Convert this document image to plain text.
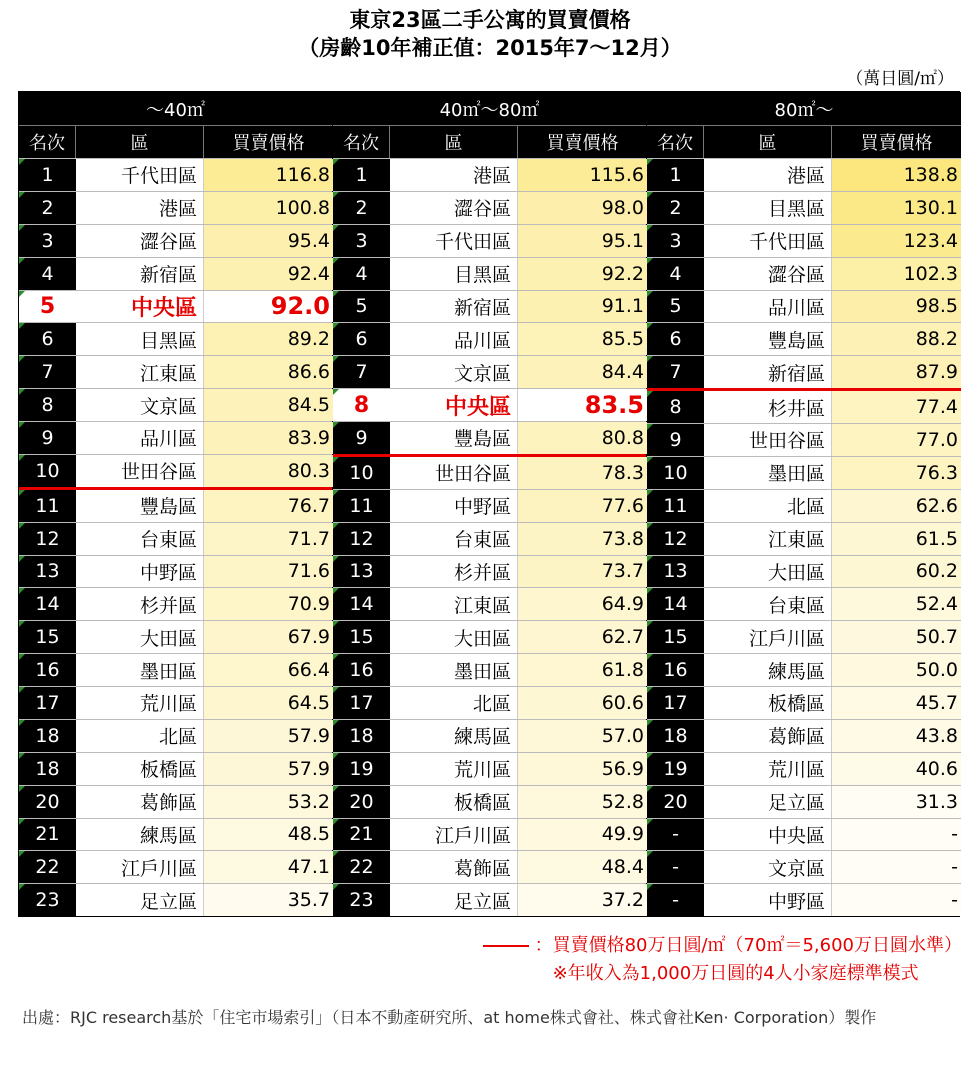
東京23區二手公寓的買賣價格
（房齡10年補正值：2015年7～12月）
（萬日圓/㎡）
～40㎡
名次	區	買賣價格
1	千代田區	116.8
2	港區	100.8
3	澀谷區	95.4
4	新宿區	92.4
5	中央區	92.0
6	目黑區	89.2
7	江東區	86.6
8	文京區	84.5
9	品川區	83.9
10	世田谷區	80.3
11	豐島區	76.7
12	台東區	71.7
13	中野區	71.6
14	杉并區	70.9
15	大田區	67.9
16	墨田區	66.4
17	荒川區	64.5
18	北區	57.9
18	板橋區	57.9
20	葛飾區	53.2
21	練馬區	48.5
22	江戶川區	47.1
23	足立區	35.7
40㎡～80㎡
名次	區	買賣價格
1	港區	115.6
2	澀谷區	98.0
3	千代田區	95.1
4	目黑區	92.2
5	新宿區	91.1
6	品川區	85.5
7	文京區	84.4
8	中央區	83.5
9	豐島區	80.8
10	世田谷區	78.3
11	中野區	77.6
12	台東區	73.8
13	杉并區	73.7
14	江東區	64.9
15	大田區	62.7
16	墨田區	61.8
17	北區	60.6
18	練馬區	57.0
19	荒川區	56.9
20	板橋區	52.8
21	江戶川區	49.9
22	葛飾區	48.4
23	足立區	37.2
80㎡～
名次	區	買賣價格
1	港區	138.8
2	目黑區	130.1
3	千代田區	123.4
4	澀谷區	102.3
5	品川區	98.5
6	豐島區	88.2
7	新宿區	87.9
8	杉井區	77.4
9	世田谷區	77.0
10	墨田區	76.3
11	北區	62.6
12	江東區	61.5
13	大田區	60.2
14	台東區	52.4
15	江戶川區	50.7
16	練馬區	50.0
17	板橋區	45.7
18	葛飾區	43.8
19	荒川區	40.6
20	足立區	31.3
-	中央區	-
-	文京區	-
-	中野區	-
：買賣價格80万日圓/㎡（70㎡＝5,600万日圓水準）
※年收入為1,000万日圓的4人小家庭標準模式
出處：RJC research基於「住宅市場索引」（日本不動產研究所、at home株式會社、株式會社Ken· Corporation）製作
